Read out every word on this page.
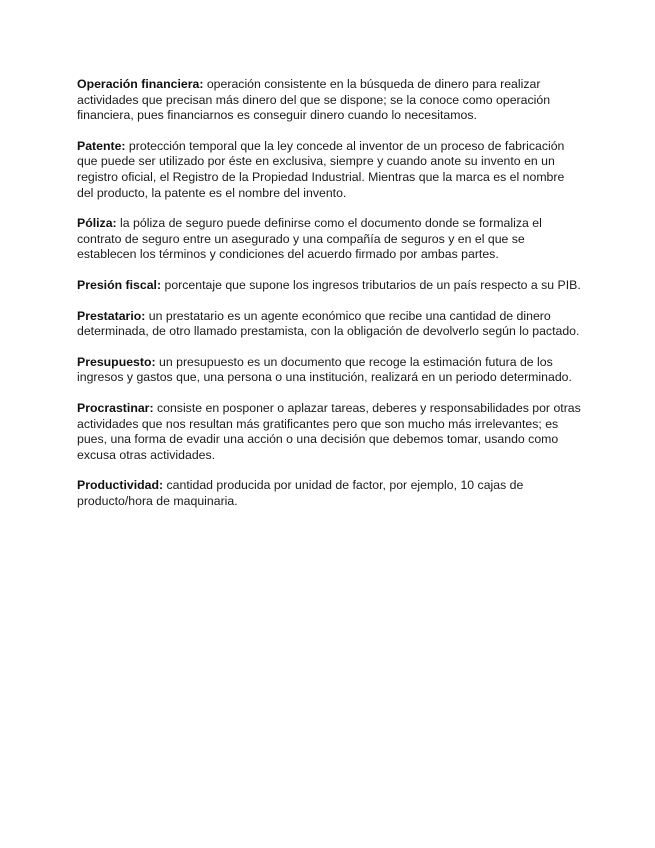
Operación financiera: operación consistente en la búsqueda de dinero para realizar actividades que precisan más dinero del que se dispone; se la conoce como operación financiera, pues financiarnos es conseguir dinero cuando lo necesitamos.

Patente: protección temporal que la ley concede al inventor de un proceso de fabricación que puede ser utilizado por éste en exclusiva, siempre y cuando anote su invento en un registro oficial, el Registro de la Propiedad Industrial. Mientras que la marca es el nombre del producto, la patente es el nombre del invento.

Póliza: la póliza de seguro puede definirse como el documento donde se formaliza el contrato de seguro entre un asegurado y una compañía de seguros y en el que se establecen los términos y condiciones del acuerdo firmado por ambas partes.

Presión fiscal: porcentaje que supone los ingresos tributarios de un país respecto a su PIB.

Prestatario: un prestatario es un agente económico que recibe una cantidad de dinero determinada, de otro llamado prestamista, con la obligación de devolverlo según lo pactado.

Presupuesto: un presupuesto es un documento que recoge la estimación futura de los ingresos y gastos que, una persona o una institución, realizará en un periodo determinado.

Procrastinar: consiste en posponer o aplazar tareas, deberes y responsabilidades por otras actividades que nos resultan más gratificantes pero que son mucho más irrelevantes; es pues, una forma de evadir una acción o una decisión que debemos tomar, usando como excusa otras actividades.

Productividad: cantidad producida por unidad de factor, por ejemplo, 10 cajas de producto/hora de maquinaria.
